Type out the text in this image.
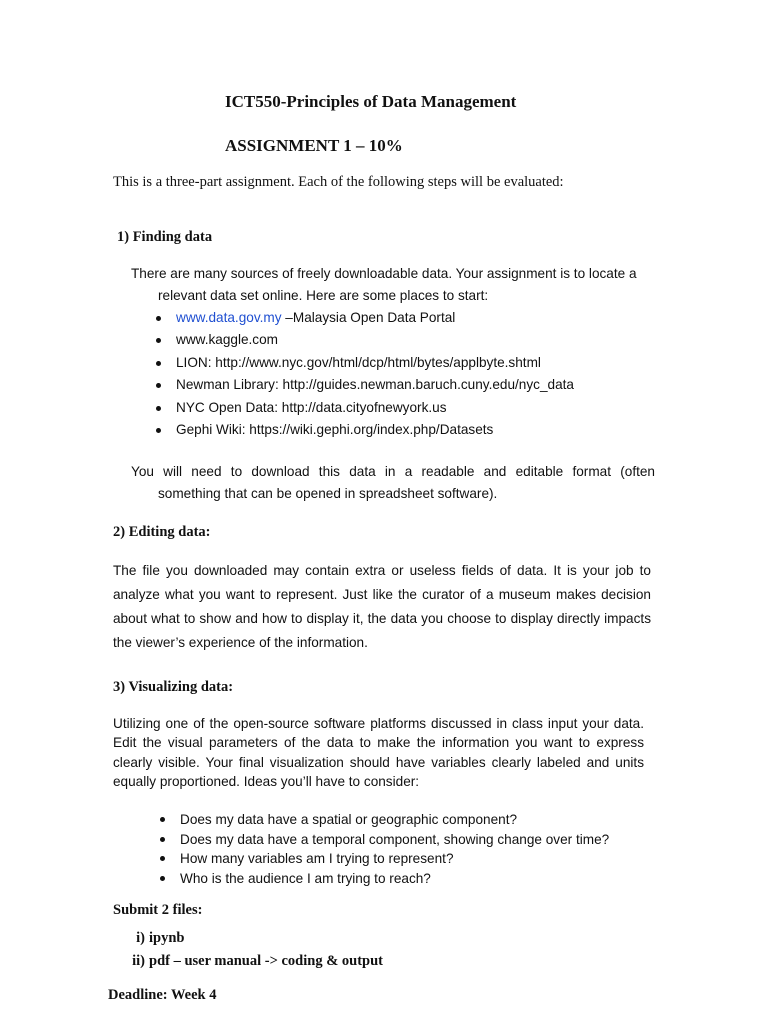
ICT550-Principles of Data Management
ASSIGNMENT 1 – 10%
This is a three-part assignment. Each of the following steps will be evaluated:
1) Finding data
There are many sources of freely downloadable data. Your assignment is to locate a
relevant data set online. Here are some places to start:
www.data.gov.my –Malaysia Open Data Portal
www.kaggle.com
LION: http://www.nyc.gov/html/dcp/html/bytes/applbyte.shtml
Newman Library: http://guides.newman.baruch.cuny.edu/nyc_data
NYC Open Data: http://data.cityofnewyork.us
Gephi Wiki: https://wiki.gephi.org/index.php/Datasets
You will need to download this data in a readable and editable format (often
something that can be opened in spreadsheet software).
2) Editing data:
The file you downloaded may contain extra or useless fields of data. It is your job to
analyze what you want to represent. Just like the curator of a museum makes decision
about what to show and how to display it, the data you choose to display directly impacts
the viewer’s experience of the information.
3) Visualizing data:
Utilizing one of the open-source software platforms discussed in class input your data.
Edit the visual parameters of the data to make the information you want to express
clearly visible. Your final visualization should have variables clearly labeled and units
equally proportioned. Ideas you’ll have to consider:
Does my data have a spatial or geographic component?
Does my data have a temporal component, showing change over time?
How many variables am I trying to represent?
Who is the audience I am trying to reach?
Submit 2 files:
i) ipynb
ii) pdf – user manual -> coding & output
Deadline: Week 4
